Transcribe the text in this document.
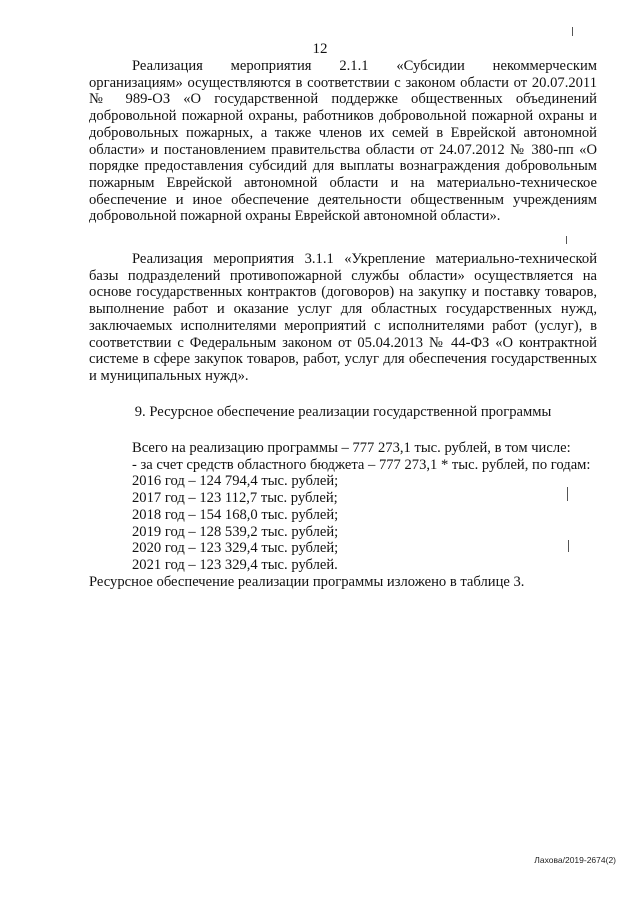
12

Реализация мероприятия 2.1.1 «Субсидии некоммерческим организациям» осуществляются в соответствии с законом области от 20.07.2011 № 989-ОЗ «О государственной поддержке общественных объединений добровольной пожарной охраны, работников добровольной пожарной охраны и добровольных пожарных, а также членов их семей в Еврейской автономной области» и постановлением правительства области от 24.07.2012 № 380-пп «О порядке предоставления субсидий для выплаты вознаграждения добровольным пожарным Еврейской автономной области и на материально-техническое обеспечение и иное обеспечение деятельности общественным учреждениям добровольной пожарной охраны Еврейской автономной области».

Реализация мероприятия 3.1.1 «Укрепление материально-технической базы подразделений противопожарной службы области» осуществляется на основе государственных контрактов (договоров) на закупку и поставку товаров, выполнение работ и оказание услуг для областных государственных нужд, заключаемых исполнителями мероприятий с исполнителями работ (услуг), в соответствии с Федеральным законом от 05.04.2013 № 44-ФЗ «О контрактной системе в сфере закупок товаров, работ, услуг для обеспечения государственных и муниципальных нужд».

9. Ресурсное обеспечение реализации государственной программы

Всего на реализацию программы – 777 273,1 тыс. рублей, в том числе:

- за счет средств областного бюджета – 777 273,1 * тыс. рублей, по годам:

2016 год – 124 794,4 тыс. рублей;
2017 год – 123 112,7 тыс. рублей;
2018 год – 154 168,0 тыс. рублей;
2019 год – 128 539,2 тыс. рублей;
2020 год – 123 329,4 тыс. рублей;
2021 год – 123 329,4 тыс. рублей.

Ресурсное обеспечение реализации программы изложено в таблице 3.

Лахова/2019-2674(2)
